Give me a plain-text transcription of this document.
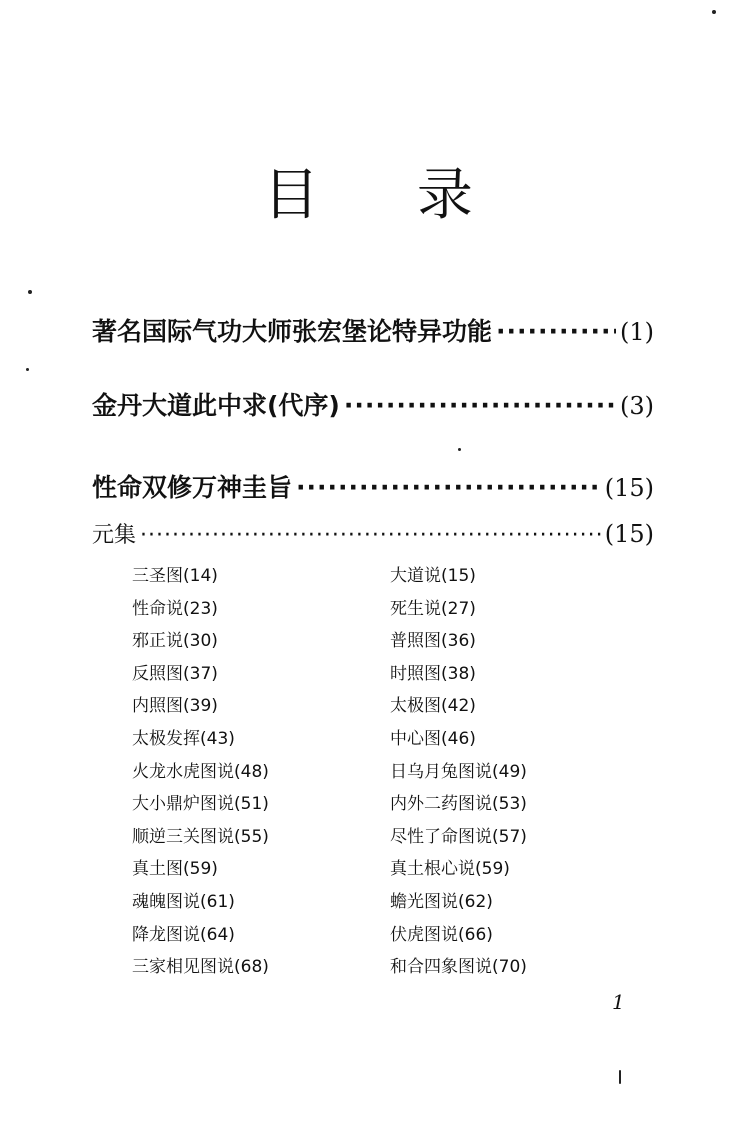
目 录
著名国际气功大师张宏堡论特异功能 ·····	(1)
金丹大道此中求(代序) ·····	(3)
性命双修万神圭旨 ·····	(15)
元集 ·····	(15)
三圣图(14)	大道说(15)
性命说(23)	死生说(27)
邪正说(30)	普照图(36)
反照图(37)	时照图(38)
内照图(39)	太极图(42)
太极发挥(43)	中心图(46)
火龙水虎图说(48)	日乌月兔图说(49)
大小鼎炉图说(51)	内外二药图说(53)
顺逆三关图说(55)	尽性了命图说(57)
真土图(59)	真土根心说(59)
魂魄图说(61)	蟾光图说(62)
降龙图说(64)	伏虎图说(66)
三家相见图说(68)	和合四象图说(70)
1
